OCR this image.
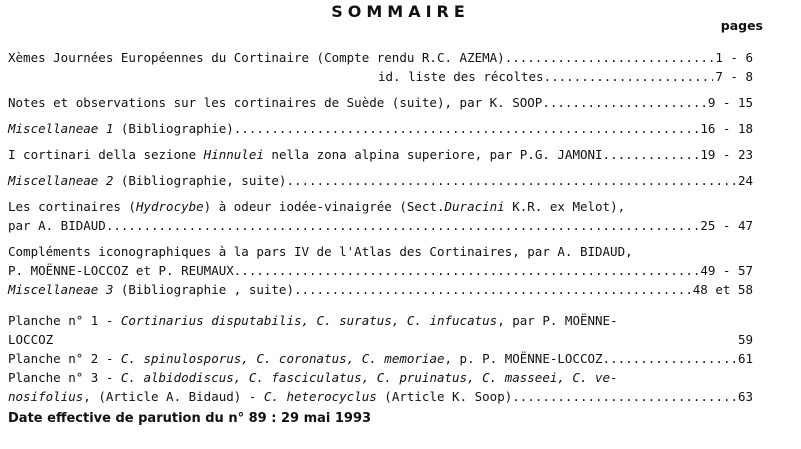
SOMMAIRE
pages
Xèmes Journées Européennes du Cortinaire (Compte rendu R.C. AZEMA) .....	1 - 6
id. liste des récoltes .....	7 - 8
Notes et observations sur les cortinaires de Suède (suite), par K. SOOP .....	9 - 15
Miscellaneae 1 (Bibliographie) .....	16 - 18
I cortinari della sezione Hinnulei nella zona alpina superiore, par P.G. JAMONI .....	19 - 23
Miscellaneae 2 (Bibliographie, suite) .....	24
Les cortinaires (Hydrocybe) à odeur iodée-vinaigrée (Sect.Duracini K.R. ex Melot),
par A. BIDAUD .....	25 - 47
Compléments iconographiques à la pars IV de l'Atlas des Cortinaires, par A. BIDAUD,
P. MOËNNE-LOCCOZ et P. REUMAUX .....	49 - 57
Miscellaneae 3 (Bibliographie , suite) .....	48 et 58
Planche n° 1 - Cortinarius disputabilis, C. suratus, C. infucatus, par P. MOËNNE-
LOCCOZ	59
Planche n° 2 - C. spinulosporus, C. coronatus, C. memoriae, p. P. MOËNNE-LOCCOZ .....	61
Planche n° 3 - C. albidodiscus, C. fasciculatus, C. pruinatus, C. masseei, C. ve-
nosifolius, (Article A. Bidaud) - C. heterocyclus (Article K. Soop) .....	63
Date effective de parution du n° 89 : 29 mai 1993
